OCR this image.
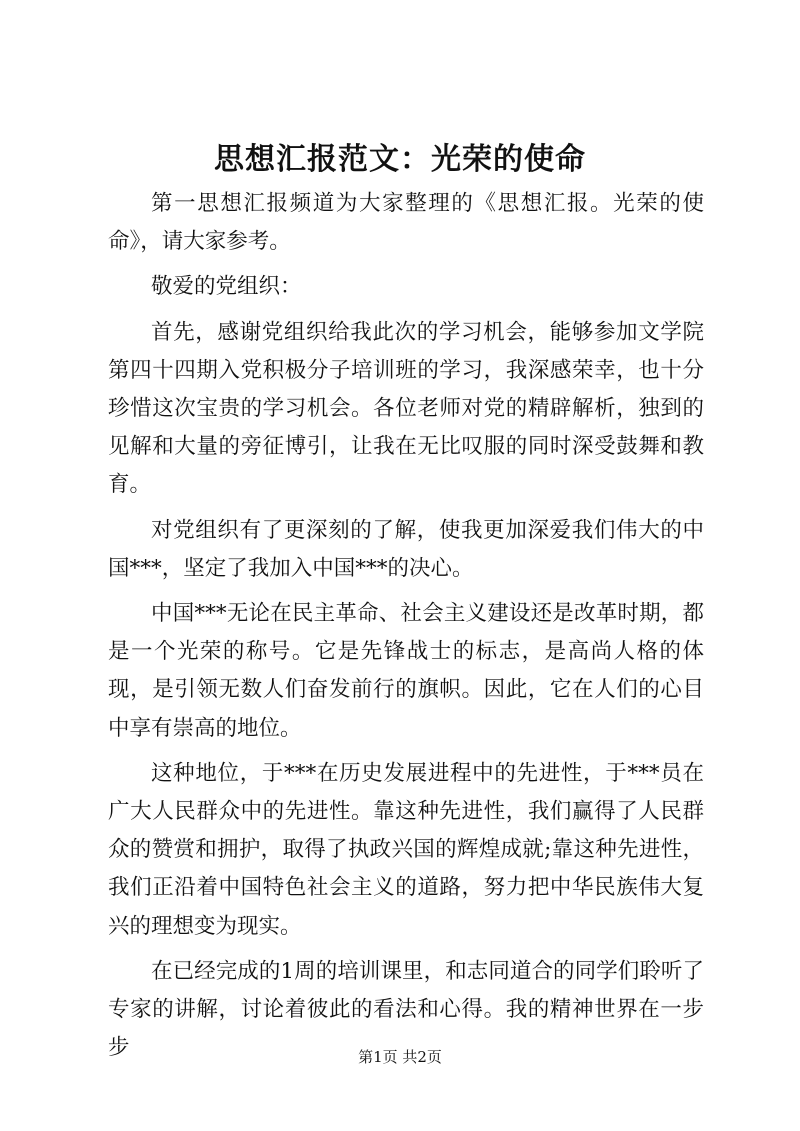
思想汇报范文：光荣的使命

第一思想汇报频道为大家整理的《思想汇报。光荣的使命》，请大家参考。

敬爱的党组织：

首先，感谢党组织给我此次的学习机会，能够参加文学院第四十四期入党积极分子培训班的学习，我深感荣幸，也十分珍惜这次宝贵的学习机会。各位老师对党的精辟解析，独到的见解和大量的旁征博引，让我在无比叹服的同时深受鼓舞和教育。

对党组织有了更深刻的了解，使我更加深爱我们伟大的中国***，坚定了我加入中国***的决心。

中国***无论在民主革命、社会主义建设还是改革时期，都是一个光荣的称号。它是先锋战士的标志，是高尚人格的体现，是引领无数人们奋发前行的旗帜。因此，它在人们的心目中享有崇高的地位。

这种地位，于***在历史发展进程中的先进性，于***员在广大人民群众中的先进性。靠这种先进性，我们赢得了人民群众的赞赏和拥护，取得了执政兴国的辉煌成就;靠这种先进性，我们正沿着中国特色社会主义的道路，努力把中华民族伟大复兴的理想变为现实。

在已经完成的1周的培训课里，和志同道合的同学们聆听了专家的讲解，讨论着彼此的看法和心得。我的精神世界在一步步	第1页 共2页
